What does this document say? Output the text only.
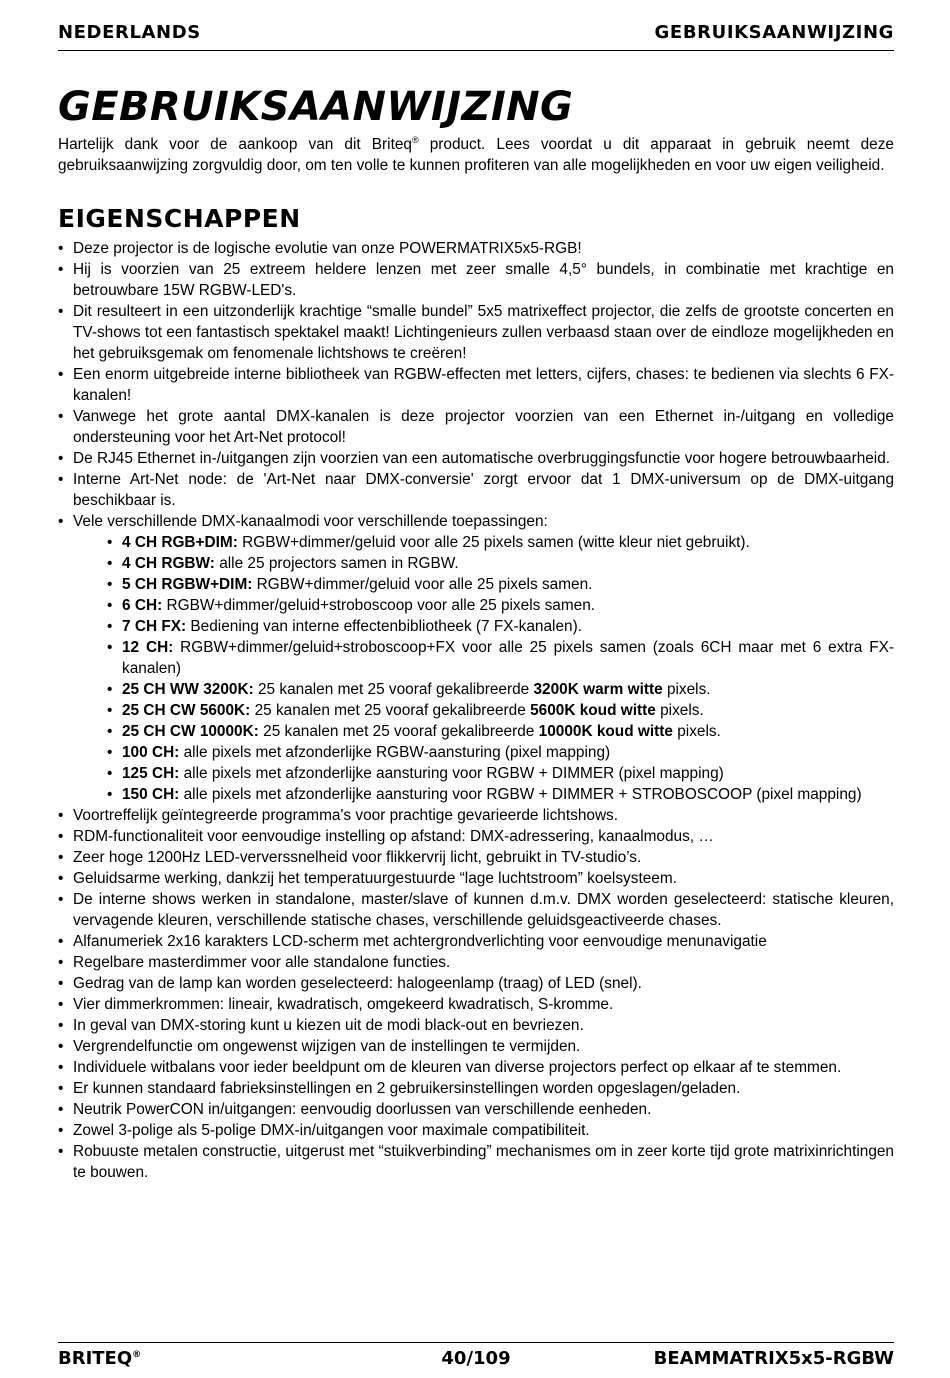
NEDERLANDS	GEBRUIKSAANWIJZING
GEBRUIKSAANWIJZING

Hartelijk dank voor de aankoop van dit Briteq® product. Lees voordat u dit apparaat in gebruik neemt deze gebruiksaanwijzing zorgvuldig door, om ten volle te kunnen profiteren van alle mogelijkheden en voor uw eigen veiligheid.

EIGENSCHAPPEN
• Deze projector is de logische evolutie van onze POWERMATRIX5x5-RGB!
• Hij is voorzien van 25 extreem heldere lenzen met zeer smalle 4,5° bundels, in combinatie met krachtige en betrouwbare 15W RGBW-LED's.
• Dit resulteert in een uitzonderlijk krachtige “smalle bundel” 5x5 matrixeffect projector, die zelfs de grootste concerten en TV-shows tot een fantastisch spektakel maakt! Lichtingenieurs zullen verbaasd staan over de eindloze mogelijkheden en het gebruiksgemak om fenomenale lichtshows te creëren!
• Een enorm uitgebreide interne bibliotheek van RGBW-effecten met letters, cijfers, chases: te bedienen via slechts 6 FX-kanalen!
• Vanwege het grote aantal DMX-kanalen is deze projector voorzien van een Ethernet in-/uitgang en volledige ondersteuning voor het Art-Net protocol!
• De RJ45 Ethernet in-/uitgangen zijn voorzien van een automatische overbruggingsfunctie voor hogere betrouwbaarheid.
• Interne Art-Net node: de 'Art-Net naar DMX-conversie' zorgt ervoor dat 1 DMX-universum op de DMX-uitgang beschikbaar is.
• Vele verschillende DMX-kanaalmodi voor verschillende toepassingen:
• 4 CH RGB+DIM: RGBW+dimmer/geluid voor alle 25 pixels samen (witte kleur niet gebruikt).
• 4 CH RGBW: alle 25 projectors samen in RGBW.
• 5 CH RGBW+DIM: RGBW+dimmer/geluid voor alle 25 pixels samen.
• 6 CH: RGBW+dimmer/geluid+stroboscoop voor alle 25 pixels samen.
• 7 CH FX: Bediening van interne effectenbibliotheek (7 FX-kanalen).
• 12 CH: RGBW+dimmer/geluid+stroboscoop+FX voor alle 25 pixels samen (zoals 6CH maar met 6 extra FX-kanalen)
• 25 CH WW 3200K: 25 kanalen met 25 vooraf gekalibreerde 3200K warm witte pixels.
• 25 CH CW 5600K: 25 kanalen met 25 vooraf gekalibreerde 5600K koud witte pixels.
• 25 CH CW 10000K: 25 kanalen met 25 vooraf gekalibreerde 10000K koud witte pixels.
• 100 CH: alle pixels met afzonderlijke RGBW-aansturing (pixel mapping)
• 125 CH: alle pixels met afzonderlijke aansturing voor RGBW + DIMMER (pixel mapping)
• 150 CH: alle pixels met afzonderlijke aansturing voor RGBW + DIMMER + STROBOSCOOP (pixel mapping)
• Voortreffelijk geïntegreerde programma's voor prachtige gevarieerde lichtshows.
• RDM-functionaliteit voor eenvoudige instelling op afstand: DMX-adressering, kanaalmodus, …
• Zeer hoge 1200Hz LED-ververssnelheid voor flikkervrij licht, gebruikt in TV-studio’s.
• Geluidsarme werking, dankzij het temperatuurgestuurde “lage luchtstroom” koelsysteem.
• De interne shows werken in standalone, master/slave of kunnen d.m.v. DMX worden geselecteerd: statische kleuren, vervagende kleuren, verschillende statische chases, verschillende geluidsgeactiveerde chases.
• Alfanumeriek 2x16 karakters LCD-scherm met achtergrondverlichting voor eenvoudige menunavigatie
• Regelbare masterdimmer voor alle standalone functies.
• Gedrag van de lamp kan worden geselecteerd: halogeenlamp (traag) of LED (snel).
• Vier dimmerkrommen: lineair, kwadratisch, omgekeerd kwadratisch, S-kromme.
• In geval van DMX-storing kunt u kiezen uit de modi black-out en bevriezen.
• Vergrendelfunctie om ongewenst wijzigen van de instellingen te vermijden.
• Individuele witbalans voor ieder beeldpunt om de kleuren van diverse projectors perfect op elkaar af te stemmen.
• Er kunnen standaard fabrieksinstellingen en 2 gebruikersinstellingen worden opgeslagen/geladen.
• Neutrik PowerCON in/uitgangen: eenvoudig doorlussen van verschillende eenheden.
• Zowel 3-polige als 5-polige DMX-in/uitgangen voor maximale compatibiliteit.
• Robuuste metalen constructie, uitgerust met “stuikverbinding” mechanismes om in zeer korte tijd grote matrixinrichtingen te bouwen.
BRITEQ®	40/109	BEAMMATRIX5x5-RGBW
